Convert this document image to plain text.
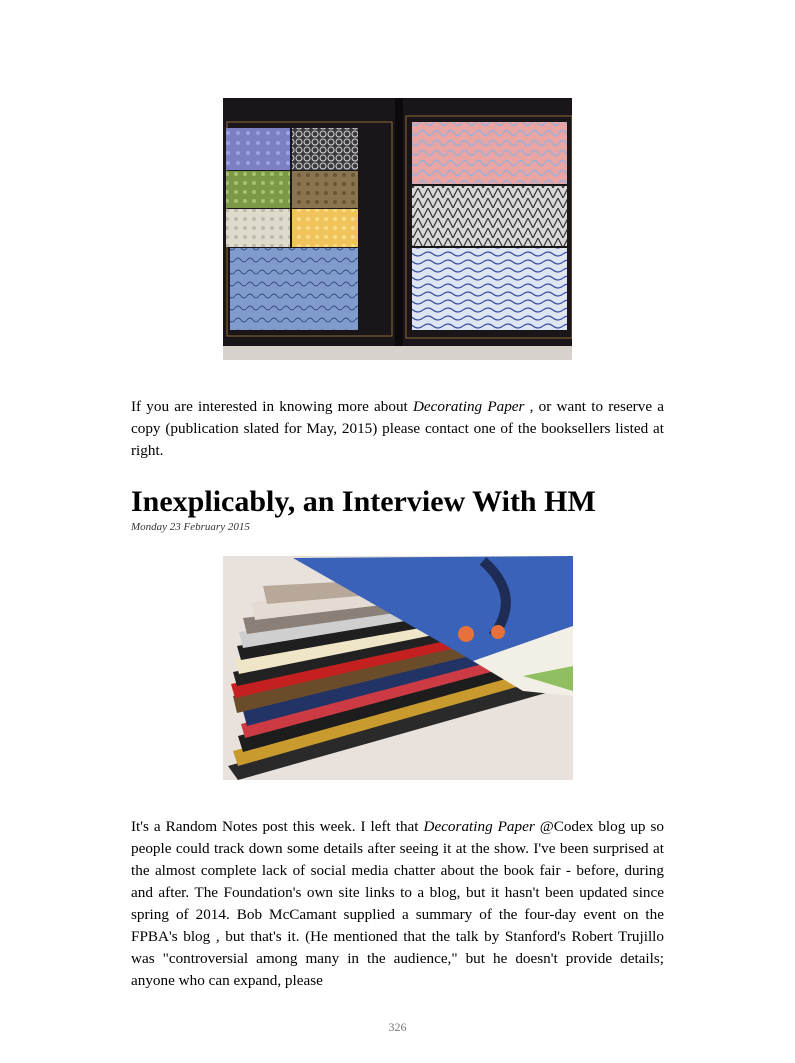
If you are interested in knowing more about Decorating Paper , or want to reserve a copy (publication slated for May, 2015) please contact one of the booksellers listed at right.

Inexplicably, an Interview With HM
Monday 23 February 2015

It's a Random Notes post this week. I left that Decorating Paper @Codex blog up so people could track down some details after seeing it at the show. I've been surprised at the almost complete lack of social media chatter about the book fair - before, during and after. The Foundation's own site links to a blog, but it hasn't been updated since spring of 2014. Bob McCamant supplied a summary of the four-day event on the FPBA's blog , but that's it. (He mentioned that the talk by Stanford's Robert Trujillo was "controversial among many in the audience," but he doesn't provide details; anyone who can expand, please

326
